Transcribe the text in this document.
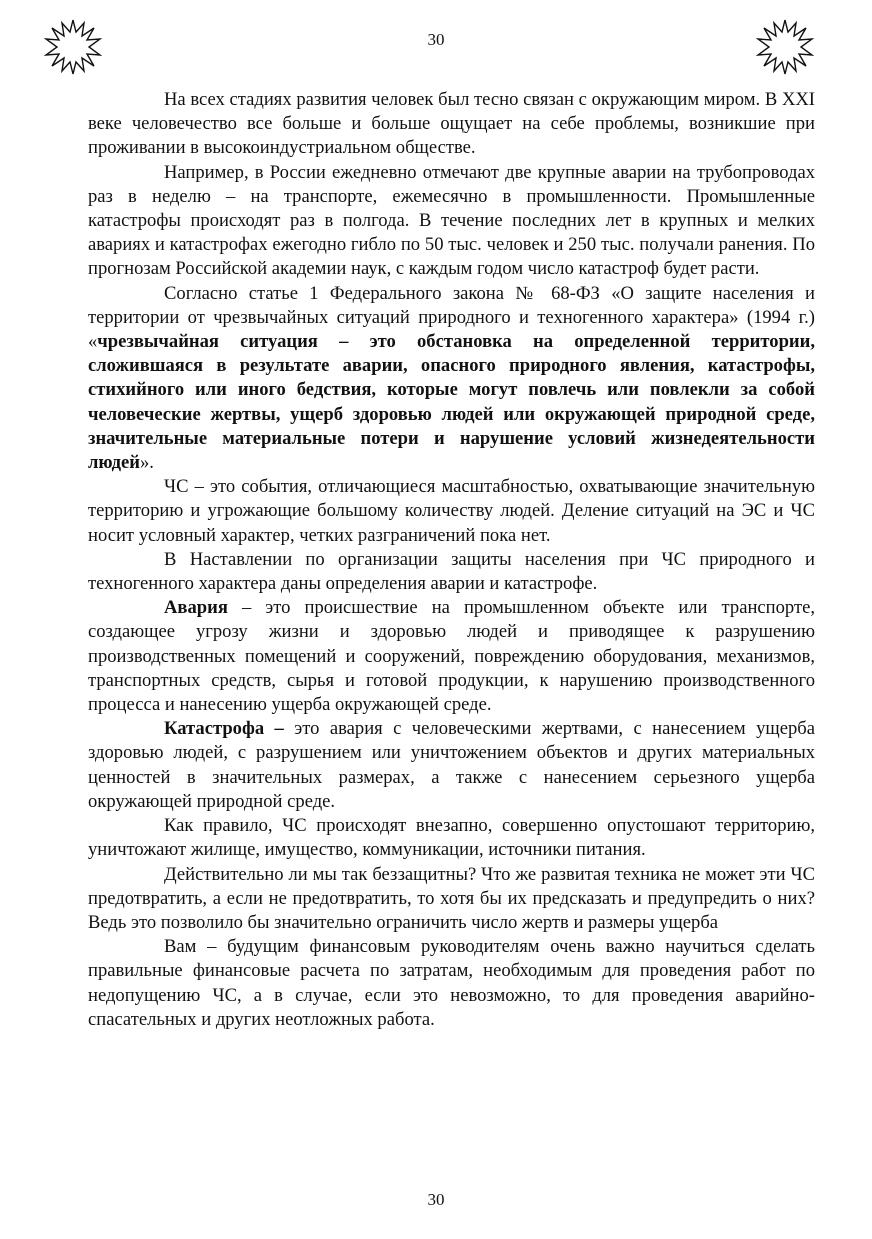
30

На всех стадиях развития человек был тесно связан с окружающим миром. В XXI веке человечество все больше и больше ощущает на себе проблемы, возникшие при проживании в высокоиндустриальном обществе.

Например, в России ежедневно отмечают две крупные аварии на трубопроводах раз в неделю – на транспорте, ежемесячно в промышленности. Промышленные катастрофы происходят раз в полгода. В течение последних лет в крупных и мелких авариях и катастрофах ежегодно гибло по 50 тыс. человек и 250 тыс. получали ранения. По прогнозам Российской академии наук, с каждым годом число катастроф будет расти.

Согласно статье 1 Федерального закона № 68-ФЗ «О защите населения и территории от чрезвычайных ситуаций природного и техногенного характера» (1994 г.) «чрезвычайная ситуация – это обстановка на определенной территории, сложившаяся в результате аварии, опасного природного явления, катастрофы, стихийного или иного бедствия, которые могут повлечь или повлекли за собой человеческие жертвы, ущерб здоровью людей или окружающей природной среде, значительные материальные потери и нарушение условий жизнедеятельности людей».

ЧС – это события, отличающиеся масштабностью, охватывающие значительную территорию и угрожающие большому количеству людей. Деление ситуаций на ЭС и ЧС носит условный характер, четких разграничений пока нет.

В Наставлении по организации защиты населения при ЧС природного и техногенного характера даны определения аварии и катастрофе.

Авария – это происшествие на промышленном объекте или транспорте, создающее угрозу жизни и здоровью людей и приводящее к разрушению производственных помещений и сооружений, повреждению оборудования, механизмов, транспортных средств, сырья и готовой продукции, к нарушению производственного процесса и нанесению ущерба окружающей среде.

Катастрофа – это авария с человеческими жертвами, с нанесением ущерба здоровью людей, с разрушением или уничтожением объектов и других материальных ценностей в значительных размерах, а также с нанесением серьезного ущерба окружающей природной среде.

Как правило, ЧС происходят внезапно, совершенно опустошают территорию, уничтожают жилище, имущество, коммуникации, источники питания.

Действительно ли мы так беззащитны? Что же развитая техника не может эти ЧС предотвратить, а если не предотвратить, то хотя бы их предсказать и предупредить о них? Ведь это позволило бы значительно ограничить число жертв и размеры ущерба

Вам – будущим финансовым руководителям очень важно научиться сделать правильные финансовые расчета по затратам, необходимым для проведения работ по недопущению ЧС, а в случае, если это невозможно, то для проведения аварийно-спасательных и других неотложных работа.

30
